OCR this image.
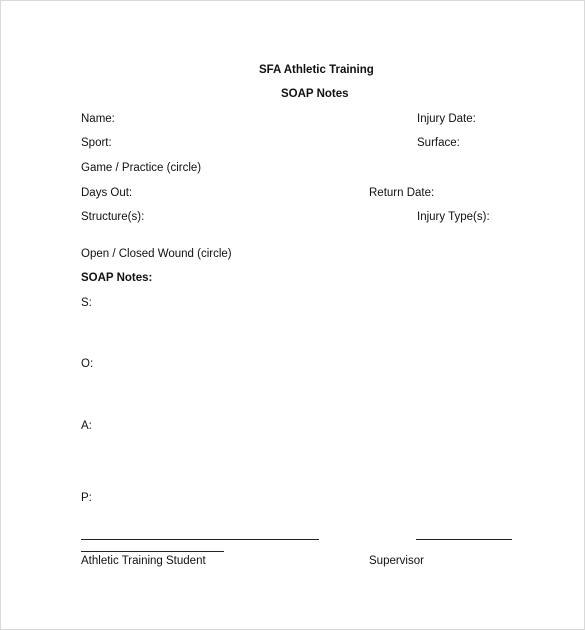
SFA Athletic Training
SOAP Notes
Name:	Injury Date:
Sport:	Surface:
Game / Practice (circle)
Days Out:	Return Date:
Structure(s):	Injury Type(s):
Open / Closed Wound (circle)
SOAP Notes:
S:
O:
A:
P:
Athletic Training Student	Supervisor
